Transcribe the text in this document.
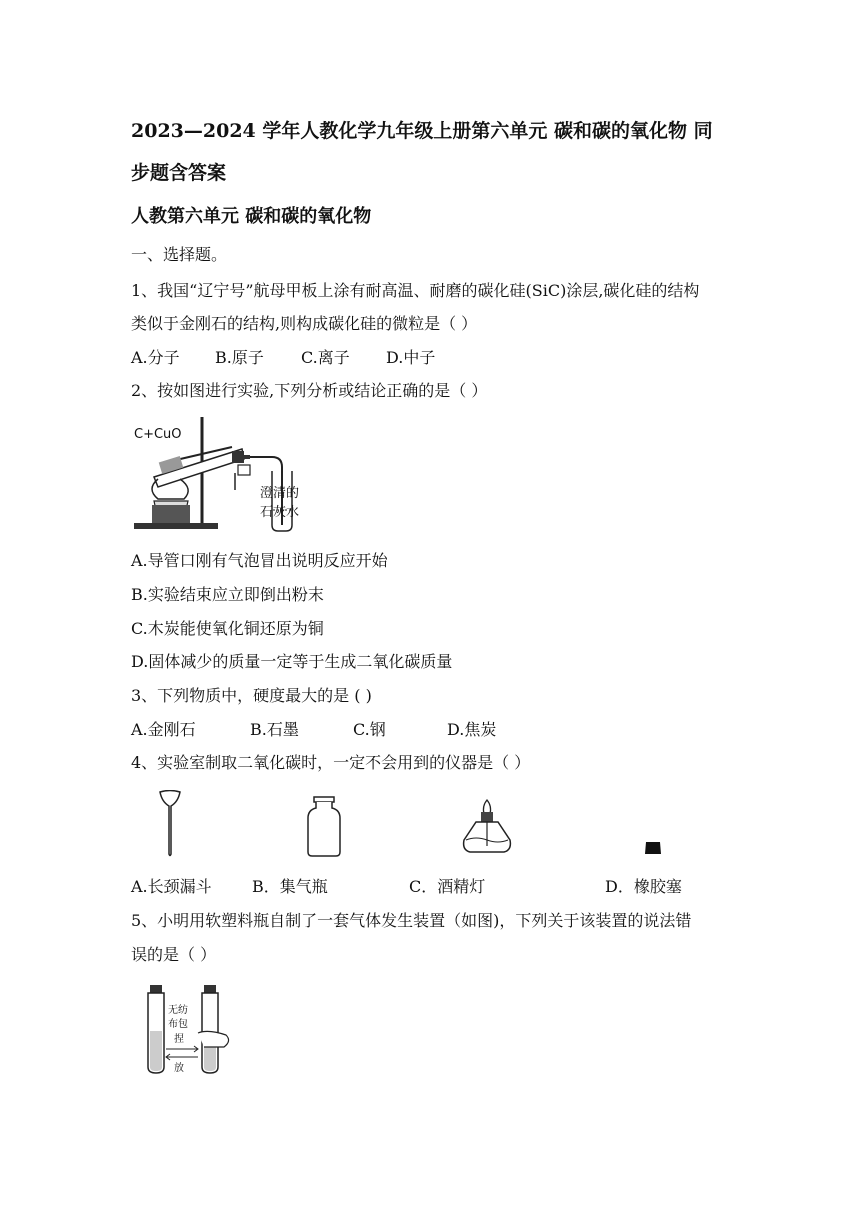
2023—2024 学年人教化学九年级上册第六单元 碳和碳的氧化物 同
步题含答案
人教第六单元 碳和碳的氧化物
一、选择题。
1、我国“辽宁号”航母甲板上涂有耐高温、耐磨的碳化硅(SiC)涂层,碳化硅的结构
类似于金刚石的结构,则构成碳化硅的微粒是（ ）
A.分子 B.原子 C.离子 D.中子
2、按如图进行实验,下列分析或结论正确的是（ ）
C+CuO
澄清的
石灰水
A.导管口刚有气泡冒出说明反应开始
B.实验结束应立即倒出粉末
C.木炭能使氧化铜还原为铜
D.固体减少的质量一定等于生成二氧化碳质量
3、下列物质中，硬度最大的是 ( )
A.金刚石	B.石墨	C.钢	D.焦炭
4、实验室制取二氧化碳时，一定不会用到的仪器是（ ）
A.长颈漏斗	B．集气瓶	C．酒精灯	D．橡胶塞
5、小明用软塑料瓶自制了一套气体发生装置（如图)，下列关于该装置的说法错
误的是（ ）
无纺
布包
捏
放
